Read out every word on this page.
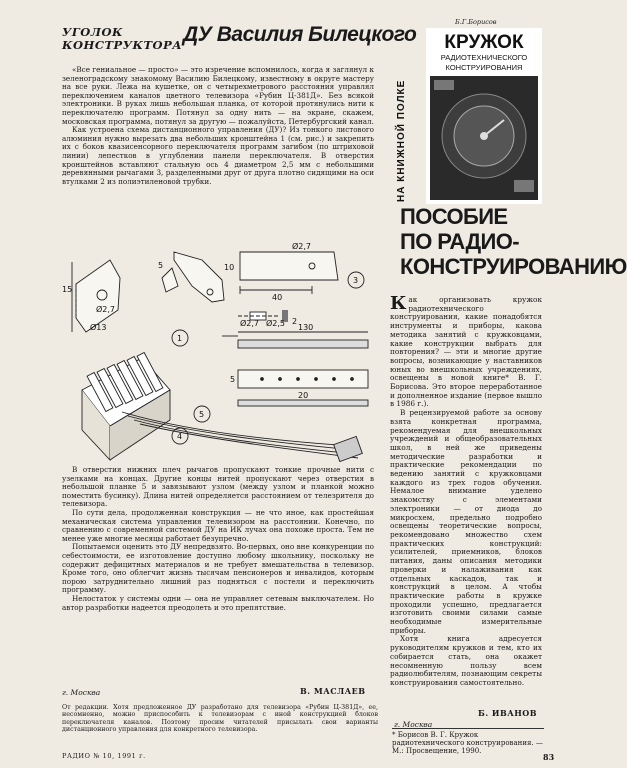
УГОЛОК
КОНСТРУКТОРА ДУ Василия Билецкого
Б.Г.Борисов

«Все гениальное — просто» — это изречение вспомнилось, когда я заглянул к зеленоградскому знакомому Василию Билецкому, известному в округе мастеру на все руки. Лежа на кушетке, он с четырехметрового расстояния управлял переключением каналов цветного телевизора «Рубин Ц-381Д». Без всякой электроники. В руках лишь небольшая планка, от которой протянулись нити к переключателю программ. Потянул за одну нить — на экране, скажем, московская программа, потянул за другую — пожалуйста, Петербургский канал.

Как устроена схема дистанционного управления (ДУ)? Из тонкого листового алюминия нужно вырезать два небольших кронштейна 1 (см. рис.) и закрепить их с боков квазисенсорного переключателя программ загибом (по штриховой линии) лепестков в углублении панели переключателя. В отверстия кронштейнов вставляют стальную ось 4 диаметром 2,5 мм с небольшими деревянными рычагами 3, разделенными друг от друга плотно сидящими на оси втулками 2 из полиэтиленовой трубки.

1
4
3
5
2
Ø2,7
Ø13
15
5
Ø2,7
40
10
Ø2,7 Ø2,5 130
5
20

В отверстия нижних плеч рычагов пропускают тонкие прочные нити с узелками на концах. Другие концы нитей пропускают через отверстия в небольшой планке 5 и завязывают узлом (между узлом и планкой можно поместить бусинку). Длина нитей определяется расстоянием от телезрителя до телевизора.

По сути дела, продолженная конструкция — не что иное, как простейшая механическая система управления телевизором на расстоянии. Конечно, по сравнению с современной системой ДУ на ИК лучах она похоже проста. Тем не менее уже многие месяцы работает безупречно.

Попытаемся оценить это ДУ непредвзято. Во-первых, оно вне конкуренции по себестоимости, ее изготовление доступно любому школьнику, поскольку не содержит дефицитных материалов и не требует вмешательства в телевизор. Кроме того, оно облегчит жизнь тысячам пенсионеров и инвалидов, которым порою затруднительно лишний раз подняться с постели и переключить программу.

Нелостаток у системы одни — она не управляет сетевым выключателем. Но автор разработки надеется преодолеть и это препятствие.

г. Москва	В. МАСЛАЕВ
От редакции. Хотя предложенное ДУ разработано для телевизора «Рубин Ц-381Д», ее, несомненно, можно приспособить к телевизорам с иной конструкцией блоков переключателя каналов. Поэтому просим читателей присылать свои варианты дистанционного управления для конкретного телевизора.
НА КНИЖНОЙ ПОЛКЕ
КРУЖОК
РАДИОТЕХНИЧЕСКОГО
КОНСТРУИРОВАНИЯ
ПОСОБИЕ
ПО РАДИО-
КОНСТРУИРОВАНИЮ

Как организовать кружок радиотехнического конструирования, какие понадобятся инструменты и приборы, какова методика занятий с кружковцами, какие конструкции выбрать для повторения? — эти и многие другие вопросы, возникающие у наставников юных во внешкольных учреждениях, освещены в новой книге* В. Г. Борисова. Это второе переработанное и дополненное издание (первое вышло в 1986 г.).

В рецензируемой работе за основу взята конкретная программа, рекомендуемая для внешкольных учреждений и общеобразовательных школ, в ней же приведены методические разработки и практические рекомендации по ведению занятий с кружковцами каждого из трех годов обучения. Немалое внимание уделено знакомству с элементами электроники — от диода до микросхем, предельно подробно освещены теоретические вопросы, рекомендовано множество схем практических конструкций: усилителей, приемников, блоков питания, даны описания методики проверки и налаживания как отдельных каскадов, так и конструкций в целом. А чтобы практические работы в кружке проходили успешно, предлагается изготовить своими силами самые необходимые измерительные приборы.

Хотя книга адресуется руководителям кружков и тем, кто их собирается стать, она окажет несомненную пользу всем радиолюбителям, познающим секреты конструирования самостоятельно.

Б. ИВАНОВ
г. Москва
* Борисов В. Г. Кружок радиотехнического конструирования. — М.: Просвещение, 1990.
РАДИО № 10, 1991 г.	83
